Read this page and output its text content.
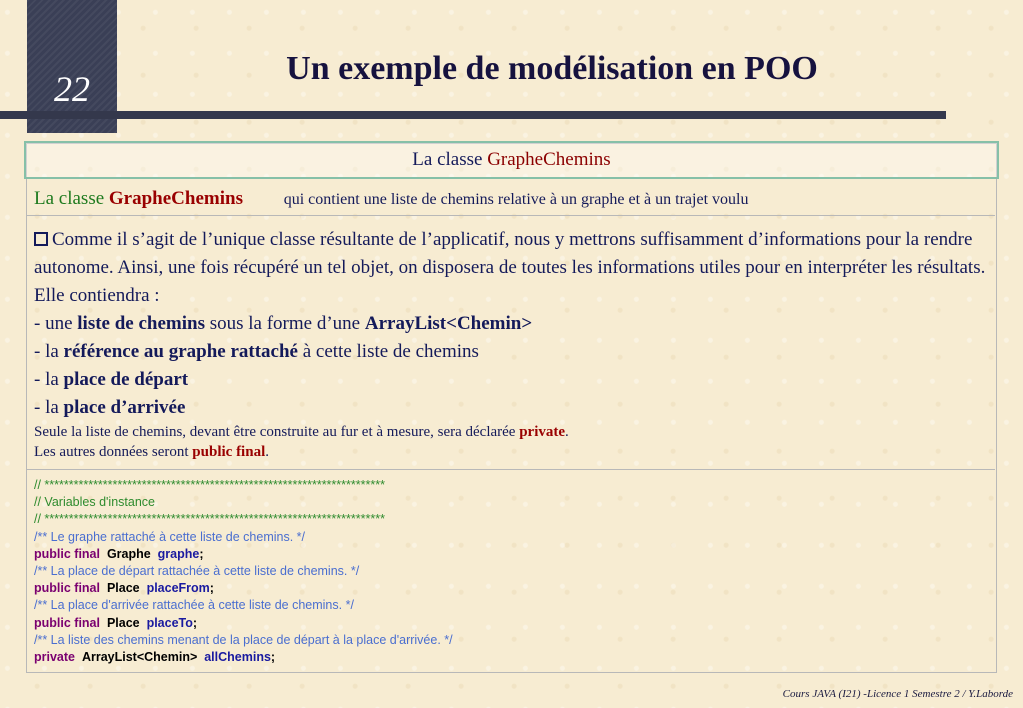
22
Un exemple de modélisation en POO
La classe GrapheChemins
La classe GrapheChemins	qui contient une liste de chemins relative à un graphe et à un trajet voulu
Comme il s’agit de l’unique classe résultante de l’applicatif, nous y mettrons suffisamment d’informations pour la rendre autonome. Ainsi, une fois récupéré un tel objet, on disposera de toutes les informations utiles pour en interpréter les résultats. Elle contiendra :
- une liste de chemins sous la forme d’une ArrayList<Chemin>
- la référence au graphe rattaché à cette liste de chemins
- la place de départ
- la place d’arrivée
Seule la liste de chemins, devant être construite au fur et à mesure, sera déclarée private.
Les autres données seront public final.
// **********************************************************************
// Variables d'instance
// **********************************************************************
/** Le graphe rattaché à cette liste de chemins. */
public final Graphe graphe;
/** La place de départ rattachée à cette liste de chemins. */
public final Place placeFrom;
/** La place d'arrivée rattachée à cette liste de chemins. */
public final Place placeTo;
/** La liste des chemins menant de la place de départ à la place d'arrivée. */
private ArrayList<Chemin> allChemins;
Cours JAVA (I21) -Licence 1 Semestre 2 / Y.Laborde
